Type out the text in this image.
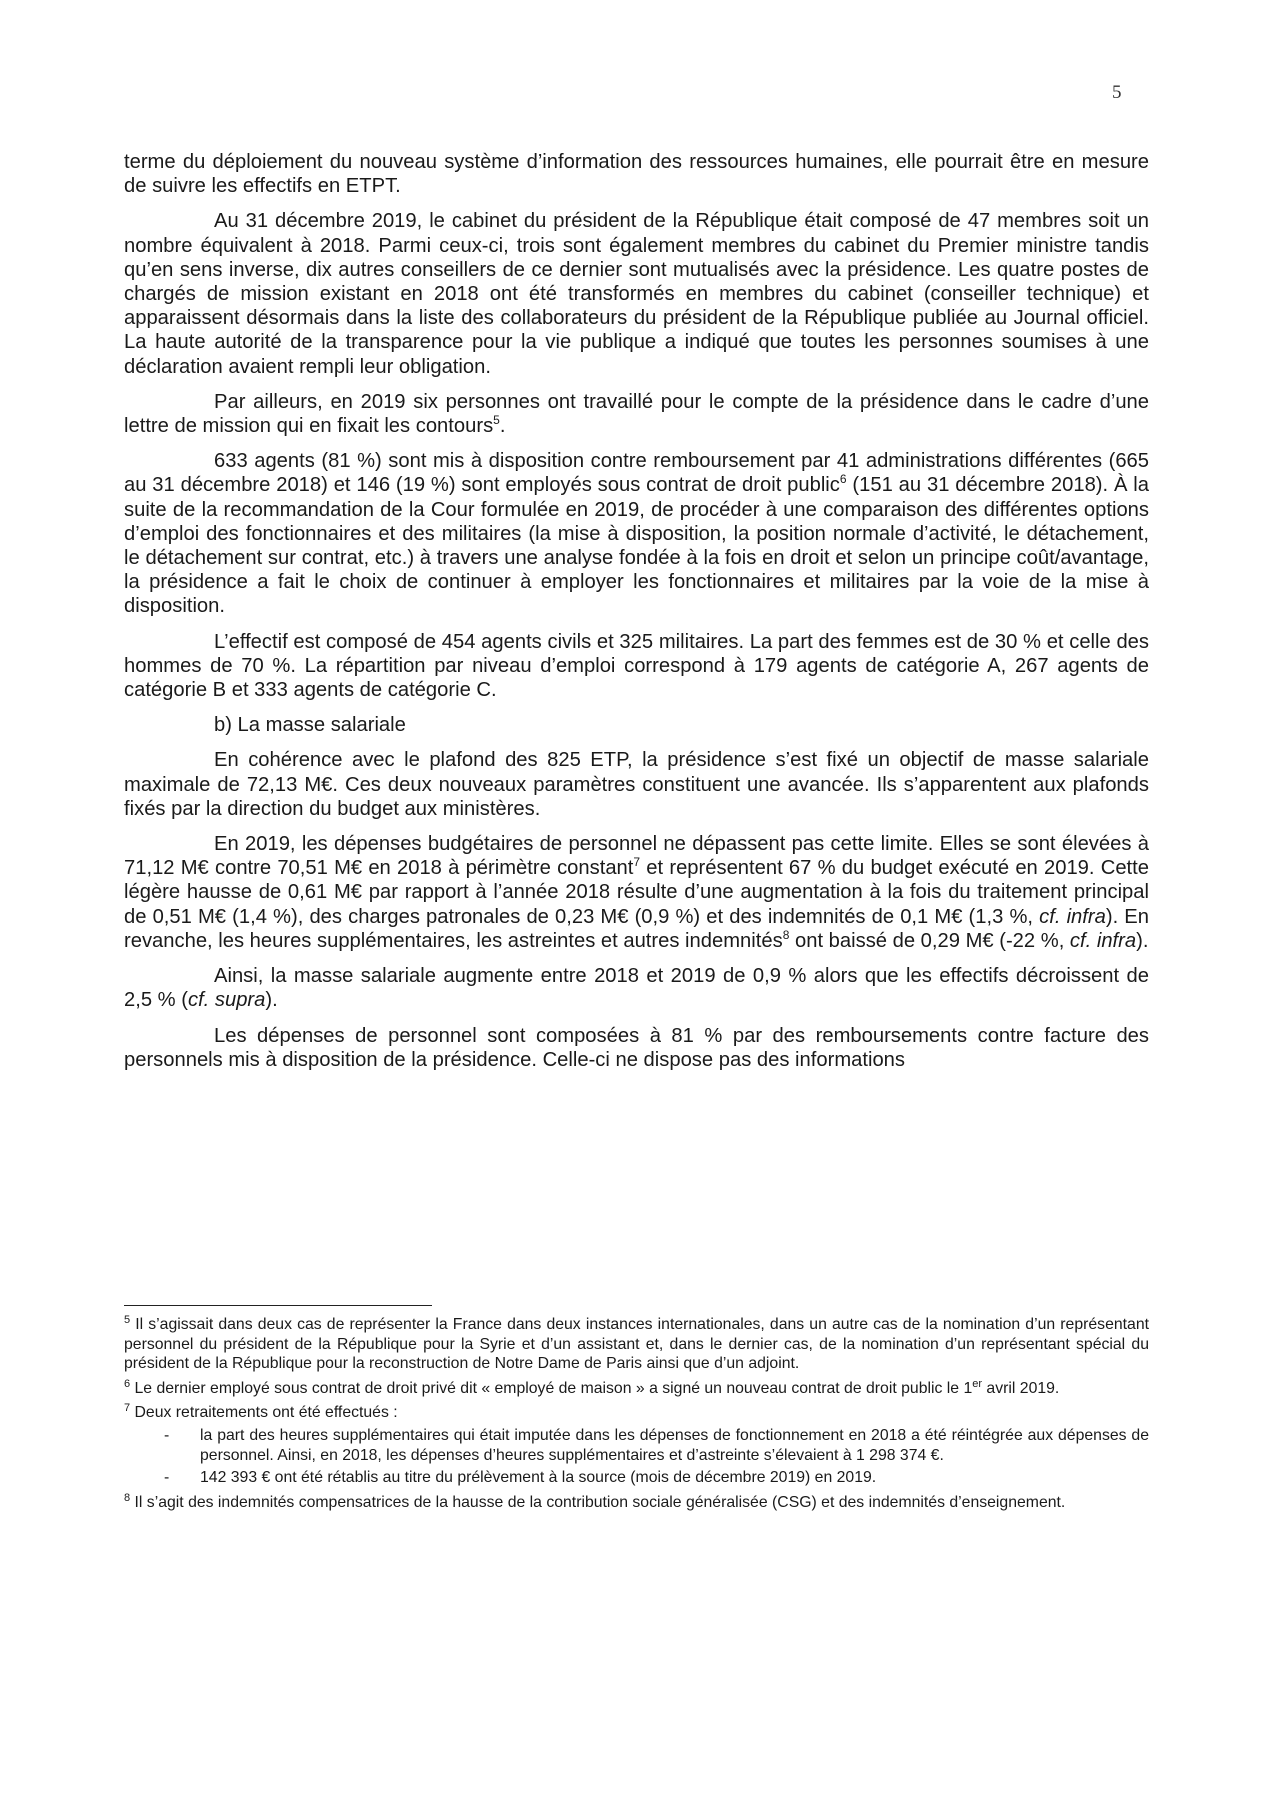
5

terme du déploiement du nouveau système d’information des ressources humaines, elle pourrait être en mesure de suivre les effectifs en ETPT.

Au 31 décembre 2019, le cabinet du président de la République était composé de 47 membres soit un nombre équivalent à 2018. Parmi ceux-ci, trois sont également membres du cabinet du Premier ministre tandis qu’en sens inverse, dix autres conseillers de ce dernier sont mutualisés avec la présidence. Les quatre postes de chargés de mission existant en 2018 ont été transformés en membres du cabinet (conseiller technique) et apparaissent désormais dans la liste des collaborateurs du président de la République publiée au Journal officiel. La haute autorité de la transparence pour la vie publique a indiqué que toutes les personnes soumises à une déclaration avaient rempli leur obligation.

Par ailleurs, en 2019 six personnes ont travaillé pour le compte de la présidence dans le cadre d’une lettre de mission qui en fixait les contours$^5$.

633 agents (81 %) sont mis à disposition contre remboursement par 41 administrations différentes (665 au 31 décembre 2018) et 146 (19 %) sont employés sous contrat de droit public$^6$ (151 au 31 décembre 2018). À la suite de la recommandation de la Cour formulée en 2019, de procéder à une comparaison des différentes options d’emploi des fonctionnaires et des militaires (la mise à disposition, la position normale d’activité, le détachement, le détachement sur contrat, etc.) à travers une analyse fondée à la fois en droit et selon un principe coût/avantage, la présidence a fait le choix de continuer à employer les fonctionnaires et militaires par la voie de la mise à disposition.

L’effectif est composé de 454 agents civils et 325 militaires. La part des femmes est de 30 % et celle des hommes de 70 %. La répartition par niveau d’emploi correspond à 179 agents de catégorie A, 267 agents de catégorie B et 333 agents de catégorie C.

b) La masse salariale

En cohérence avec le plafond des 825 ETP, la présidence s’est fixé un objectif de masse salariale maximale de 72,13 M€. Ces deux nouveaux paramètres constituent une avancée. Ils s’apparentent aux plafonds fixés par la direction du budget aux ministères.

En 2019, les dépenses budgétaires de personnel ne dépassent pas cette limite. Elles se sont élevées à 71,12 M€ contre 70,51 M€ en 2018 à périmètre constant$^7$ et représentent 67 % du budget exécuté en 2019. Cette légère hausse de 0,61 M€ par rapport à l’année 2018 résulte d’une augmentation à la fois du traitement principal de 0,51 M€ (1,4 %), des charges patronales de 0,23 M€ (0,9 %) et des indemnités de 0,1 M€ (1,3 %, cf. infra). En revanche, les heures supplémentaires, les astreintes et autres indemnités$^8$ ont baissé de 0,29 M€ (-22 %, cf. infra).

Ainsi, la masse salariale augmente entre 2018 et 2019 de 0,9 % alors que les effectifs décroissent de 2,5 % (cf. supra).

Les dépenses de personnel sont composées à 81 % par des remboursements contre facture des personnels mis à disposition de la présidence. Celle-ci ne dispose pas des informations

$^5$ Il s’agissait dans deux cas de représenter la France dans deux instances internationales, dans un autre cas de la nomination d’un représentant personnel du président de la République pour la Syrie et d’un assistant et, dans le dernier cas, de la nomination d’un représentant spécial du président de la République pour la reconstruction de Notre Dame de Paris ainsi que d’un adjoint.
$^6$ Le dernier employé sous contrat de droit privé dit « employé de maison » a signé un nouveau contrat de droit public le 1er avril 2019.
$^7$ Deux retraitements ont été effectués :
- la part des heures supplémentaires qui était imputée dans les dépenses de fonctionnement en 2018 a été réintégrée aux dépenses de personnel. Ainsi, en 2018, les dépenses d’heures supplémentaires et d’astreinte s’élevaient à 1 298 374 €.
- 142 393 € ont été rétablis au titre du prélèvement à la source (mois de décembre 2019) en 2019.
$^8$ Il s’agit des indemnités compensatrices de la hausse de la contribution sociale généralisée (CSG) et des indemnités d’enseignement.
